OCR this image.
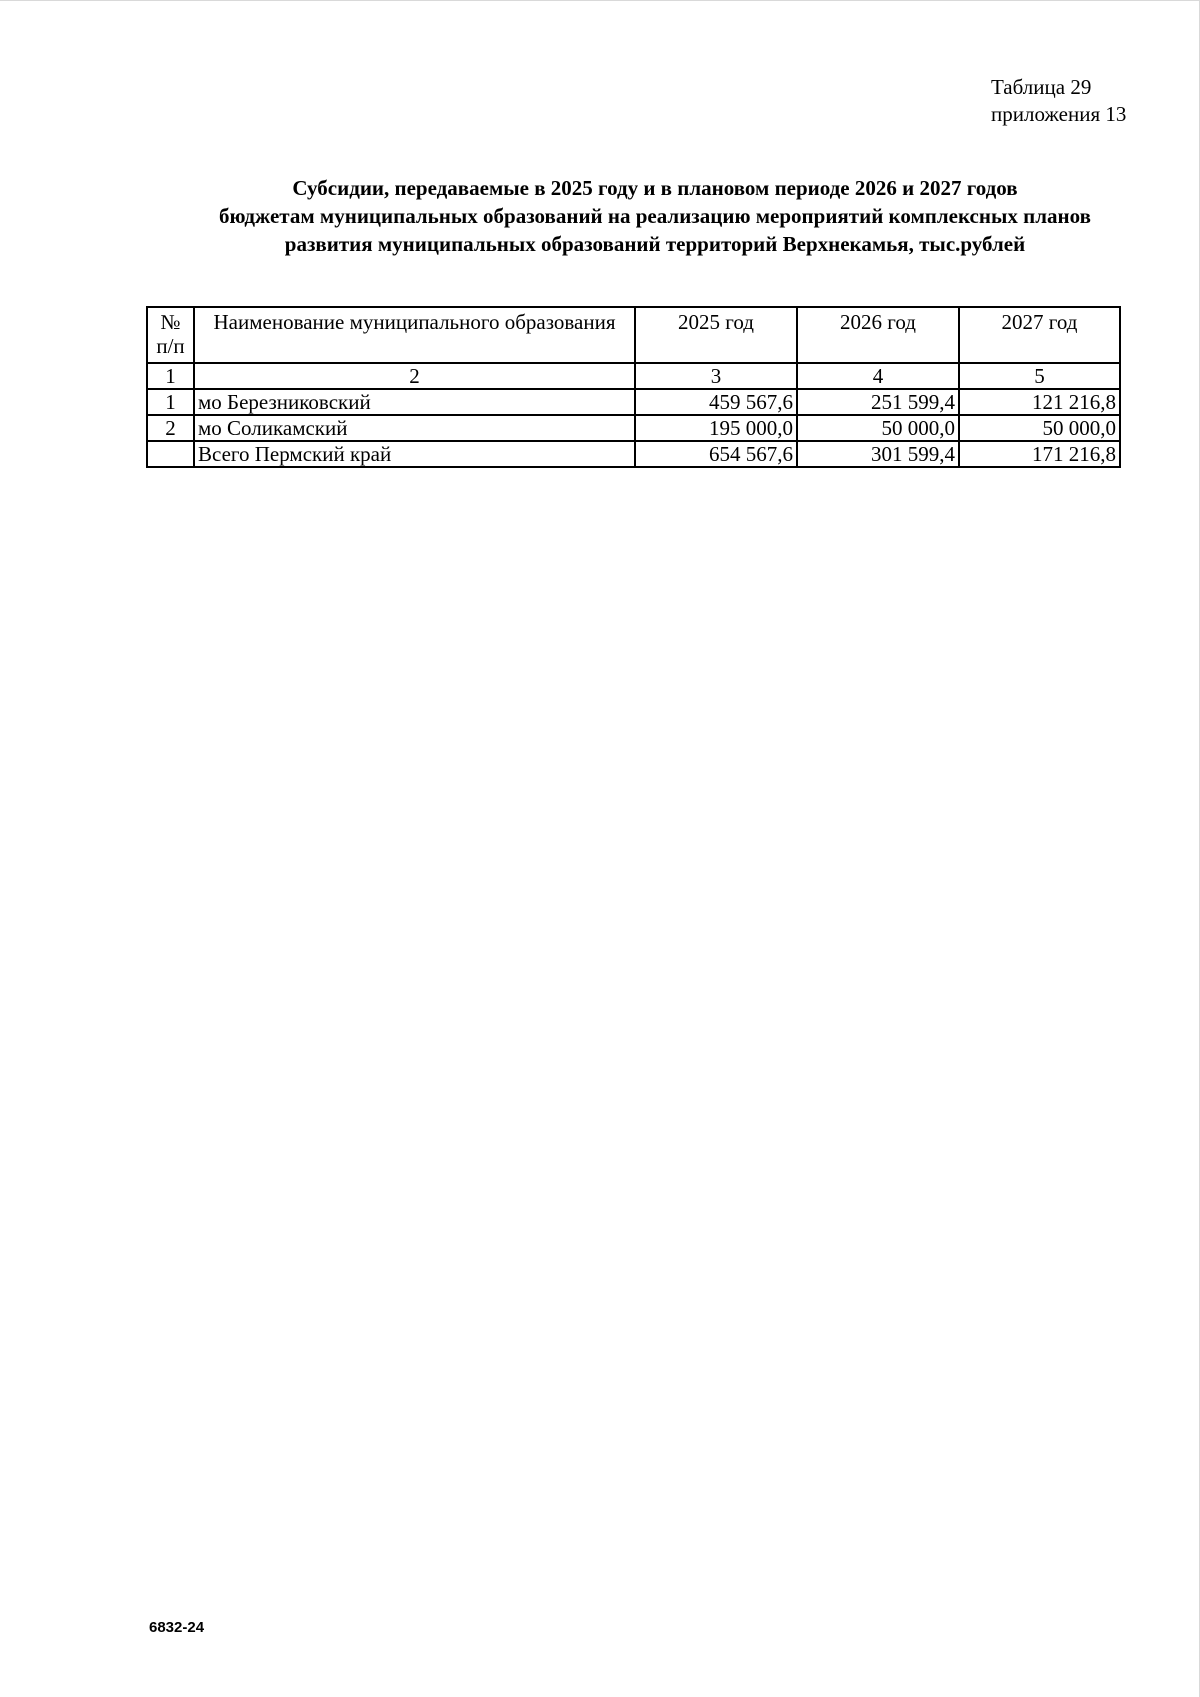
Таблица 29
приложения 13
Субсидии, передаваемые в 2025 году и в плановом периоде 2026 и 2027 годов
бюджетам муниципальных образований на реализацию мероприятий комплексных планов
развития муниципальных образований территорий Верхнекамья, тыс.рублей
№
п/п	Наименование муниципального образования	2025 год	2026 год	2027 год
1	2	3	4	5
1	мо Березниковский	459 567,6	251 599,4	121 216,8
2	мо Соликамский	195 000,0	50 000,0	50 000,0
	Всего Пермский край	654 567,6	301 599,4	171 216,8
6832-24
